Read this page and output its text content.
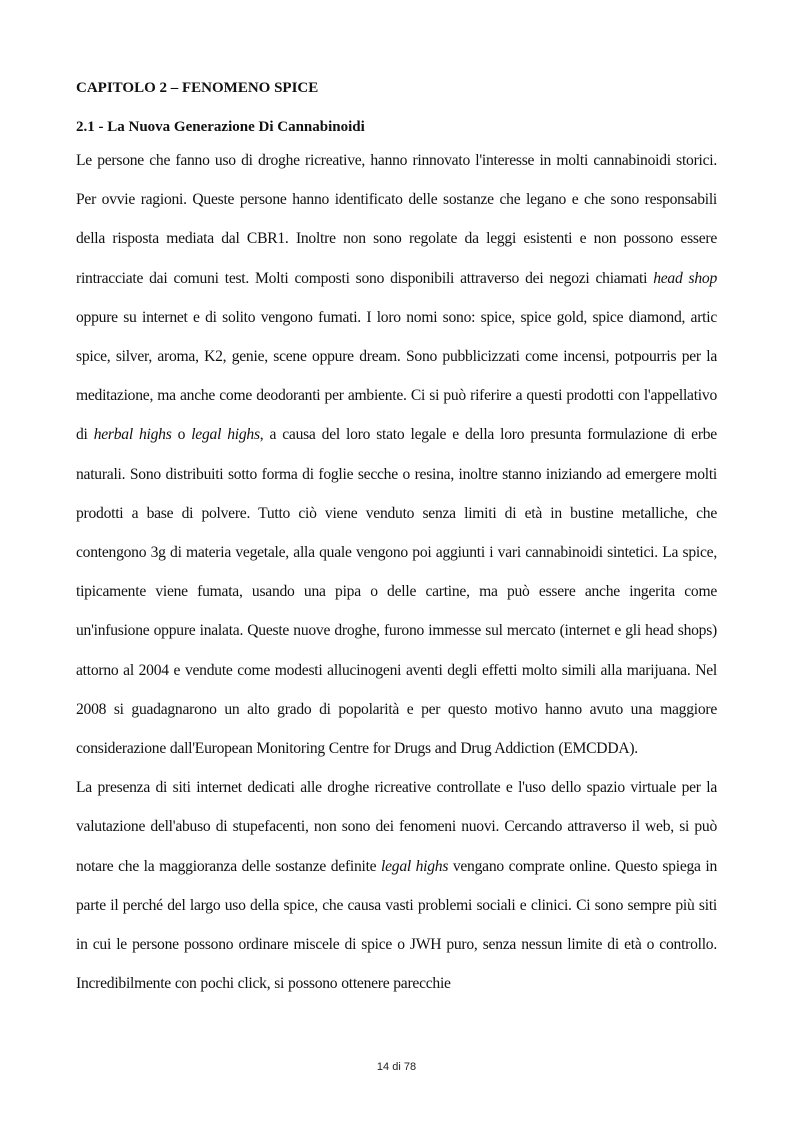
CAPITOLO 2 – FENOMENO SPICE
2.1 - La Nuova Generazione Di Cannabinoidi

Le persone che fanno uso di droghe ricreative, hanno rinnovato l'interesse in molti cannabinoidi storici. Per ovvie ragioni. Queste persone hanno identificato delle sostanze che legano e che sono responsabili della risposta mediata dal CBR1. Inoltre non sono regolate da leggi esistenti e non possono essere rintracciate dai comuni test. Molti composti sono disponibili attraverso dei negozi chiamati head shop oppure su internet e di solito vengono fumati. I loro nomi sono: spice, spice gold, spice diamond, artic spice, silver, aroma, K2, genie, scene oppure dream. Sono pubblicizzati come incensi, potpourris per la meditazione, ma anche come deodoranti per ambiente. Ci si può riferire a questi prodotti con l'appellativo di herbal highs o legal highs, a causa del loro stato legale e della loro presunta formulazione di erbe naturali. Sono distribuiti sotto forma di foglie secche o resina, inoltre stanno iniziando ad emergere molti prodotti a base di polvere. Tutto ciò viene venduto senza limiti di età in bustine metalliche, che contengono 3g di materia vegetale, alla quale vengono poi aggiunti i vari cannabinoidi sintetici. La spice, tipicamente viene fumata, usando una pipa o delle cartine, ma può essere anche ingerita come un'infusione oppure inalata. Queste nuove droghe, furono immesse sul mercato (internet e gli head shops) attorno al 2004 e vendute come modesti allucinogeni aventi degli effetti molto simili alla marijuana. Nel 2008 si guadagnarono un alto grado di popolarità e per questo motivo hanno avuto una maggiore considerazione dall'European Monitoring Centre for Drugs and Drug Addiction (EMCDDA).

La presenza di siti internet dedicati alle droghe ricreative controllate e l'uso dello spazio virtuale per la valutazione dell'abuso di stupefacenti, non sono dei fenomeni nuovi. Cercando attraverso il web, si può notare che la maggioranza delle sostanze definite legal highs vengano comprate online. Questo spiega in parte il perché del largo uso della spice, che causa vasti problemi sociali e clinici. Ci sono sempre più siti in cui le persone possono ordinare miscele di spice o JWH puro, senza nessun limite di età o controllo. Incredibilmente con pochi click, si possono ottenere parecchie

14 di 78
